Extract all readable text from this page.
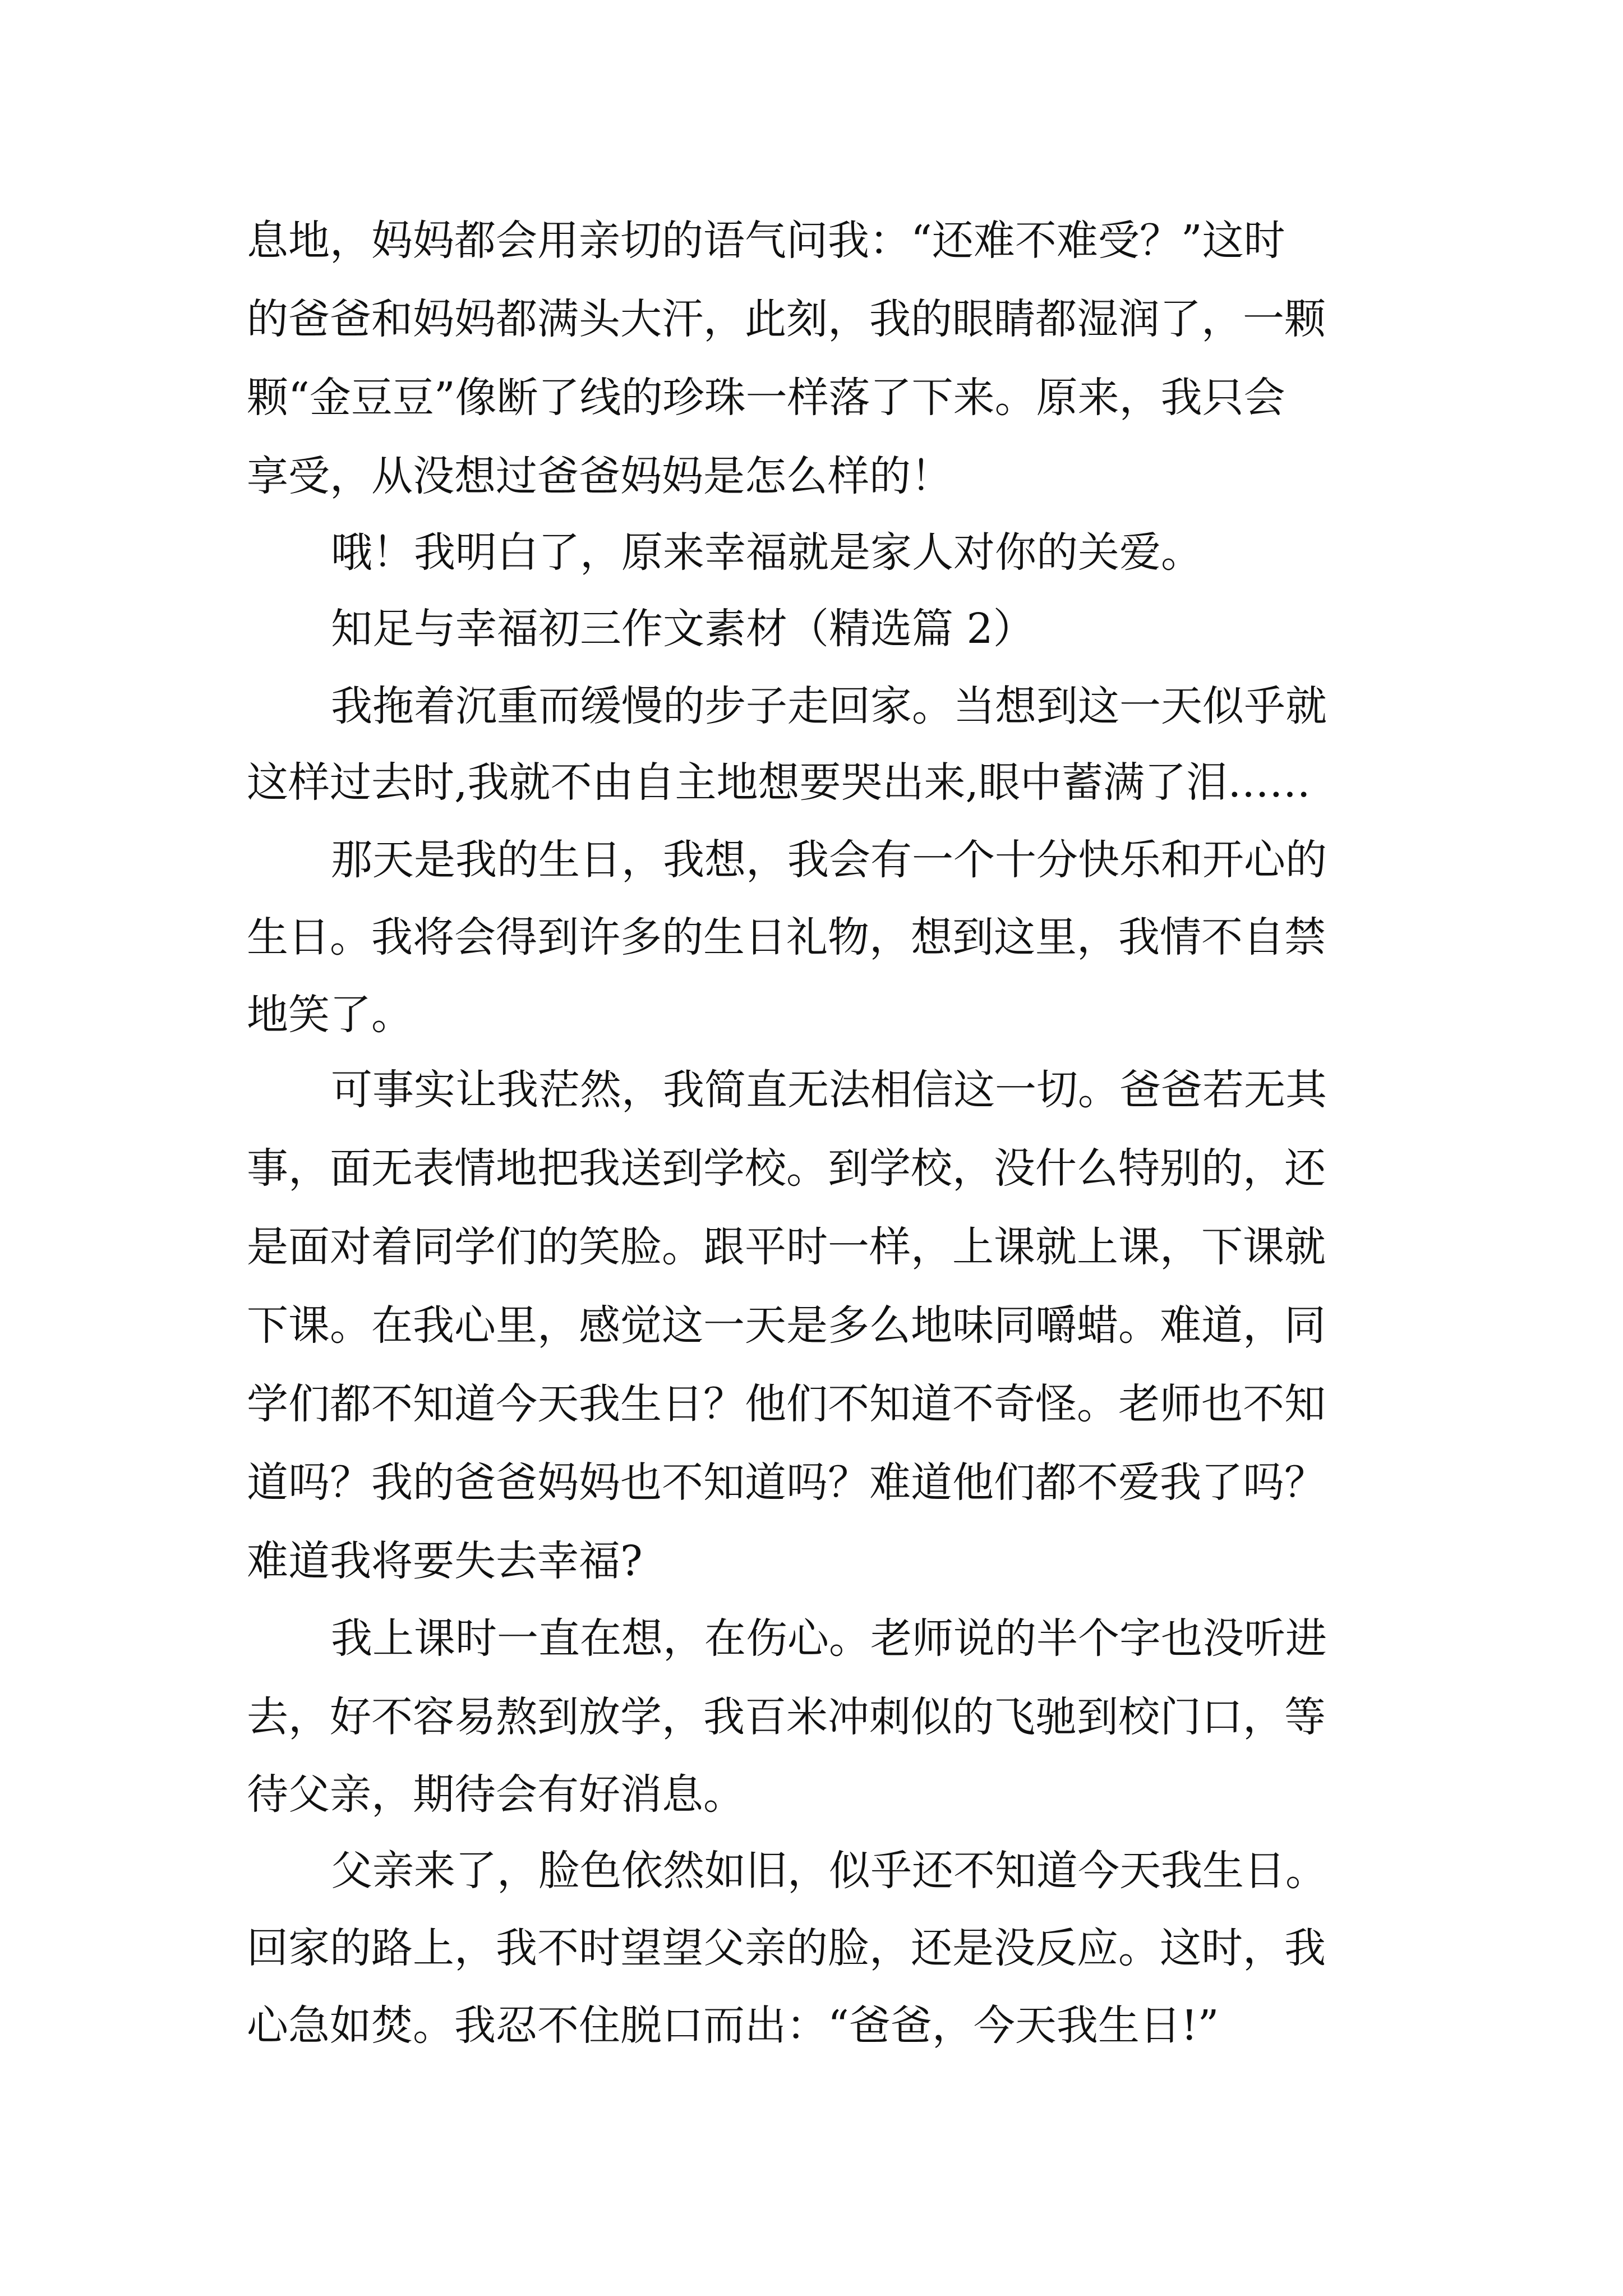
息地，妈妈都会用亲切的语气问我：“还难不难受？”这时
的爸爸和妈妈都满头大汗，此刻，我的眼睛都湿润了，一颗
颗“金豆豆”像断了线的珍珠一样落了下来。原来，我只会
享受，从没想过爸爸妈妈是怎么样的！
哦！我明白了，原来幸福就是家人对你的关爱。
知足与幸福初三作文素材（精选篇 2）
我拖着沉重而缓慢的步子走回家。当想到这一天似乎就
这样过去时,我就不由自主地想要哭出来,眼中蓄满了泪……
那天是我的生日，我想，我会有一个十分快乐和开心的
生日。我将会得到许多的生日礼物，想到这里，我情不自禁
地笑了。
可事实让我茫然，我简直无法相信这一切。爸爸若无其
事，面无表情地把我送到学校。到学校，没什么特别的，还
是面对着同学们的笑脸。跟平时一样，上课就上课，下课就
下课。在我心里，感觉这一天是多么地味同嚼蜡。难道，同
学们都不知道今天我生日？他们不知道不奇怪。老师也不知
道吗？我的爸爸妈妈也不知道吗？难道他们都不爱我了吗？
难道我将要失去幸福?
我上课时一直在想，在伤心。老师说的半个字也没听进
去，好不容易熬到放学，我百米冲刺似的飞驰到校门口，等
待父亲，期待会有好消息。
父亲来了，脸色依然如旧，似乎还不知道今天我生日。
回家的路上，我不时望望父亲的脸，还是没反应。这时，我
心急如焚。我忍不住脱口而出：“爸爸，今天我生日!”
